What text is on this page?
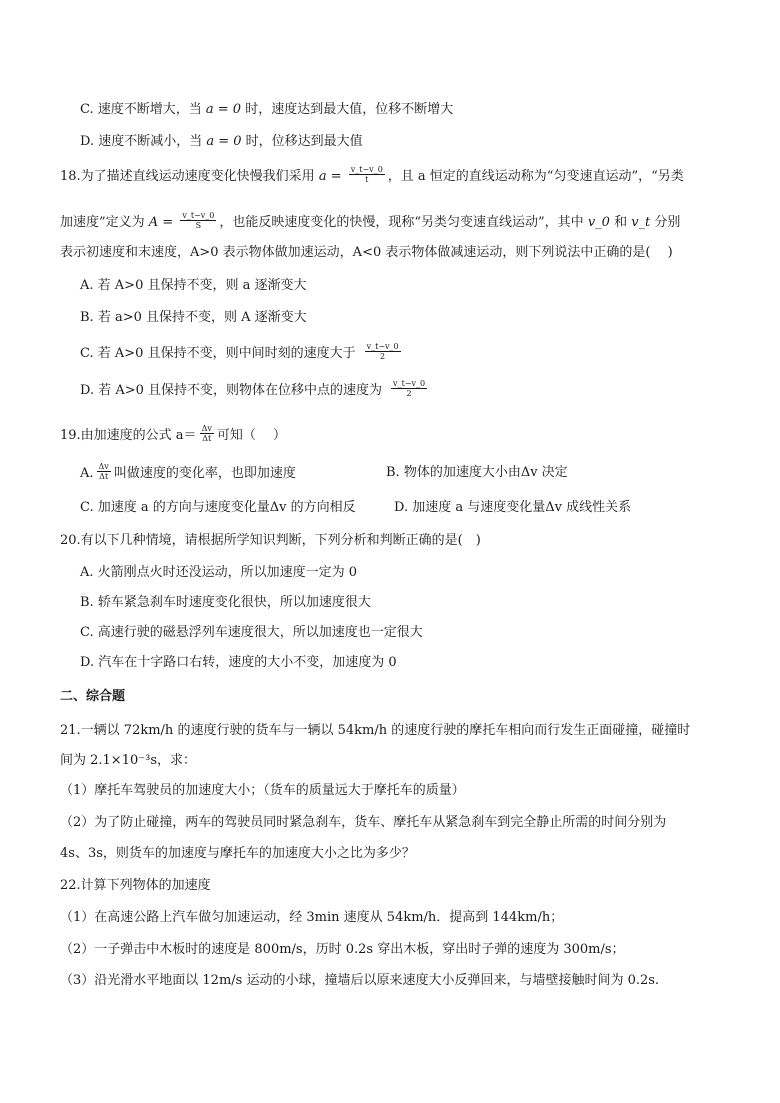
C. 速度不断增大，当 a = 0 时，速度达到最大值，位移不断增大
D. 速度不断减小，当 a = 0 时，位移达到最大值
18.为了描述直线运动速度变化快慢我们采用 $a = \frac{v\_t-v\_0}{t}$ ，且 a 恒定的直线运动称为“匀变速直运动”，“另类
加速度”定义为 $A = \frac{v\_t-v\_0}{S}$ ，也能反映速度变化的快慢，现称“另类匀变速直线运动”，其中 v_0 和 v_t 分别
表示初速度和末速度，A>0 表示物体做加速运动，A<0 表示物体做减速运动，则下列说法中正确的是(　 )
A. 若 A>0 且保持不变，则 a 逐渐变大
B. 若 a>0 且保持不变，则 A 逐渐变大
C. 若 A>0 且保持不变，则中间时刻的速度大于 $\frac{v\_t-v\_0}{2}$
D. 若 A>0 且保持不变，则物体在位移中点的速度为 $\frac{v\_t-v\_0}{2}$
19.由加速度的公式 $a= \frac{\Delta v}{\Delta t}$ 可知（　 ）
A. $\frac{\Delta v}{\Delta t}$ 叫做速度的变化率，也即加速度	B. 物体的加速度大小由Δv 决定
C. 加速度 a 的方向与速度变化量Δv 的方向相反	D. 加速度 a 与速度变化量Δv 成线性关系
20.有以下几种情境，请根据所学知识判断，下列分析和判断正确的是(　)
A. 火箭刚点火时还没运动，所以加速度一定为 0
B. 轿车紧急刹车时速度变化很快，所以加速度很大
C. 高速行驶的磁悬浮列车速度很大，所以加速度也一定很大
D. 汽车在十字路口右转，速度的大小不变，加速度为 0
二、综合题
21.一辆以 72km/h 的速度行驶的货车与一辆以 54km/h 的速度行驶的摩托车相向而行发生正面碰撞，碰撞时
间为 2.1×10⁻³s，求：
（1）摩托车驾驶员的加速度大小；（货车的质量远大于摩托车的质量）
（2）为了防止碰撞，两车的驾驶员同时紧急刹车，货车、摩托车从紧急刹车到完全静止所需的时间分别为
4s、3s，则货车的加速度与摩托车的加速度大小之比为多少？
22.计算下列物体的加速度
（1）在高速公路上汽车做匀加速运动，经 3min 速度从 54km/h．提高到 144km/h；
（2）一子弹击中木板时的速度是 800m/s，历时 0.2s 穿出木板，穿出时子弹的速度为 300m/s；
（3）沿光滑水平地面以 12m/s 运动的小球，撞墙后以原来速度大小反弹回来，与墙壁接触时间为 0.2s.
